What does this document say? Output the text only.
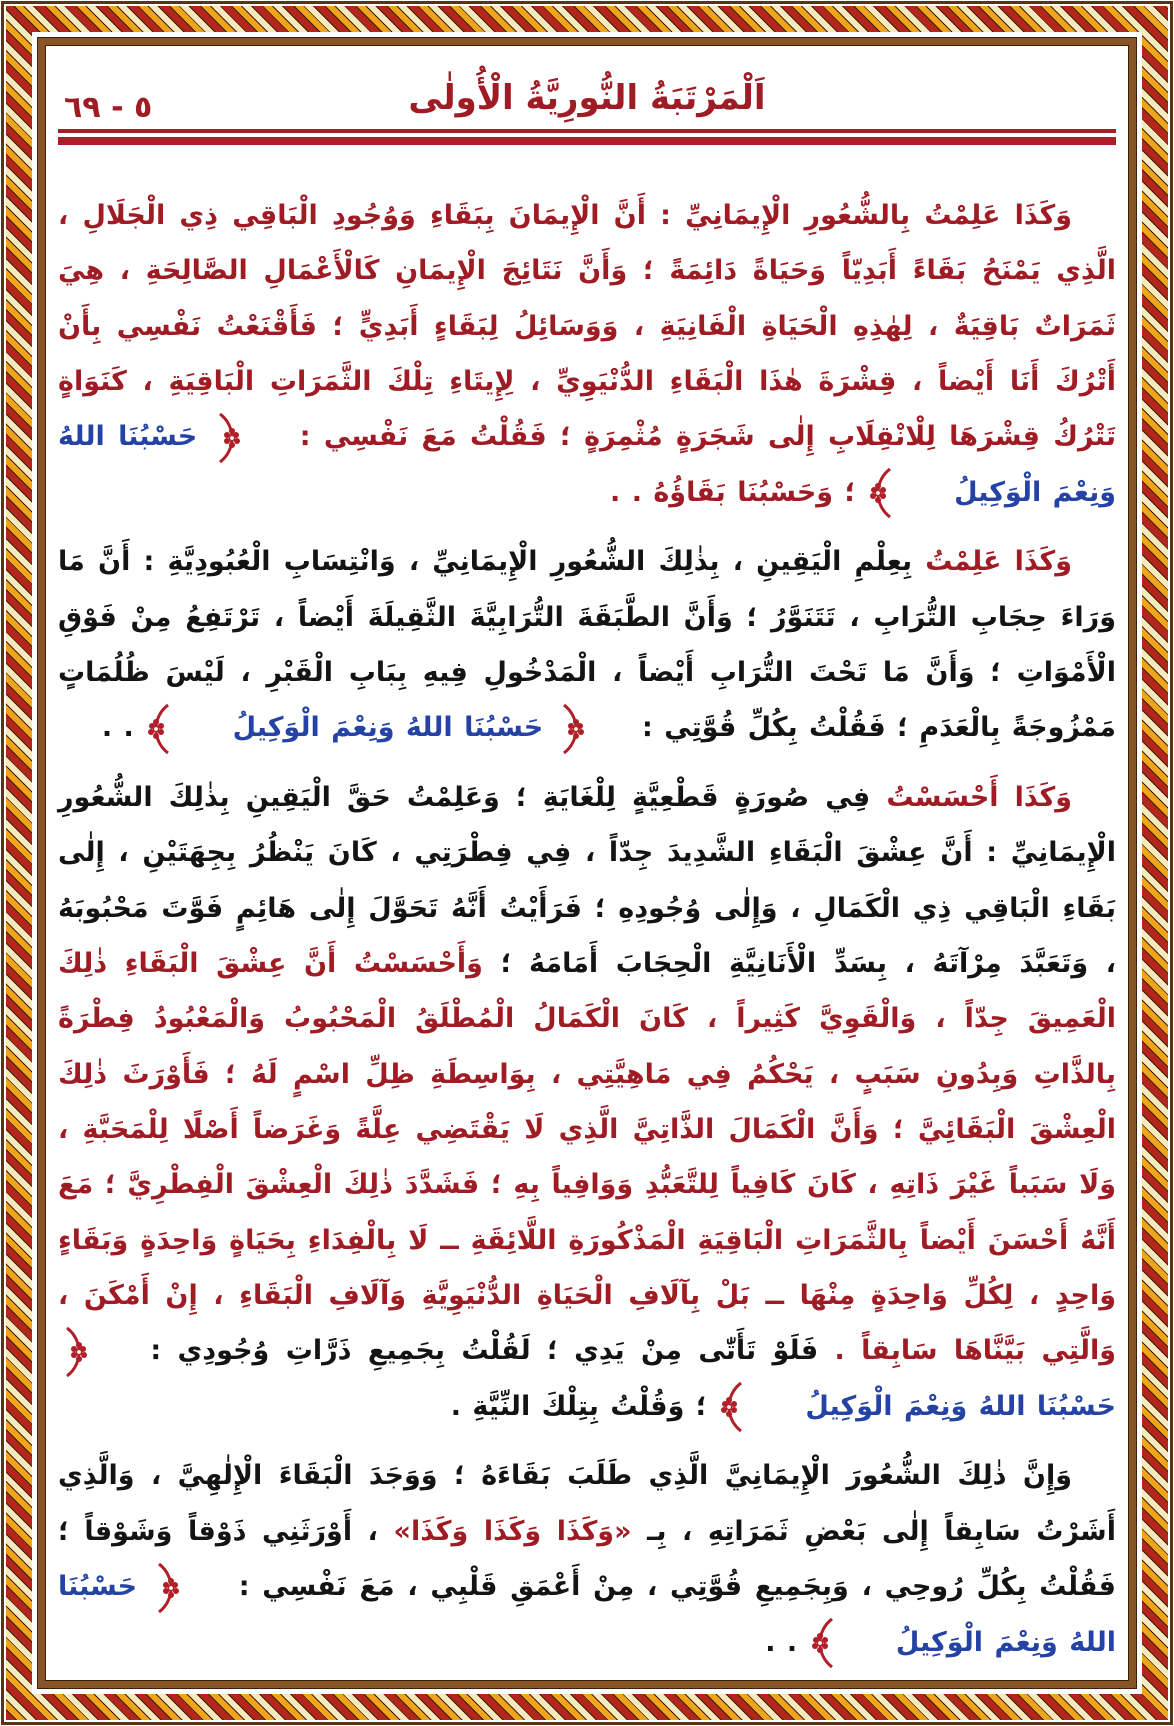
٥ - ٦٩	اَلْمَرْتَبَةُ النُّورِيَّةُ الْأُولٰى

وَكَذَا عَلِمْتُ بِالشُّعُورِ الْإِيمَانِيِّ : أَنَّ الْإِيمَانَ بِبَقَاءِ وَوُجُودِ الْبَاقِي ذِي الْجَلَالِ ، الَّذِي يَمْنَحُ بَقَاءً أَبَدِيّاً وَحَيَاةً دَائِمَةً ؛ وَأَنَّ نَتَائِجَ الْإِيمَانِ كَالْأَعْمَالِ الصَّالِحَةِ ، هِيَ ثَمَرَاتٌ بَاقِيَةٌ ، لِهٰذِهِ الْحَيَاةِ الْفَانِيَةِ ، وَوَسَائِلُ لِبَقَاءٍ أَبَدِيٍّ ؛ فَأَقْنَعْتُ نَفْسِي بِأَنْ أَتْرُكَ أَنَا أَيْضاً ، قِشْرَةَ هٰذَا الْبَقَاءِ الدُّنْيَوِيِّ ، لِإِيتَاءِ تِلْكَ الثَّمَرَاتِ الْبَاقِيَةِ ، كَنَوَاةٍ تَتْرُكُ قِشْرَهَا لِلْانْقِلَابِ إِلٰى شَجَرَةٍ مُثْمِرَةٍ ؛ فَقُلْتُ مَعَ نَفْسِي :  حَسْبُنَا اللهُ وَنِعْمَ الْوَكِيلُ  ؛ وَحَسْبُنَا بَقَاؤُهُ . .

وَكَذَا عَلِمْتُ بِعِلْمِ الْيَقِينِ ، بِذٰلِكَ الشُّعُورِ الْإِيمَانِيِّ ، وَانْتِسَابِ الْعُبُودِيَّةِ : أَنَّ مَا وَرَاءَ حِجَابِ التُّرَابِ ، تَتَنَوَّرُ ؛ وَأَنَّ الطَّبَقَةَ التُّرَابِيَّةَ الثَّقِيلَةَ أَيْضاً ، تَرْتَفِعُ مِنْ فَوْقِ الْأَمْوَاتِ ؛ وَأَنَّ مَا تَحْتَ التُّرَابِ أَيْضاً ، الْمَدْخُولِ فِيهِ بِبَابِ الْقَبْرِ ، لَيْسَ ظُلُمَاتٍ مَمْزُوجَةً بِالْعَدَمِ ؛ فَقُلْتُ بِكُلِّ قُوَّتِي :  حَسْبُنَا اللهُ وَنِعْمَ الْوَكِيلُ  . .

وَكَذَا أَحْسَسْتُ فِي صُورَةٍ قَطْعِيَّةٍ لِلْغَايَةِ ؛ وَعَلِمْتُ حَقَّ الْيَقِينِ بِذٰلِكَ الشُّعُورِ الْإِيمَانِيِّ : أَنَّ عِشْقَ الْبَقَاءِ الشَّدِيدَ جِدّاً ، فِي فِطْرَتِي ، كَانَ يَنْظُرُ بِجِهَتَيْنِ ، إِلٰى بَقَاءِ الْبَاقِي ذِي الْكَمَالِ ، وَإِلٰى وُجُودِهِ ؛ فَرَأَيْتُ أَنَّهُ تَحَوَّلَ إِلٰى هَائِمٍ فَوَّتَ مَحْبُوبَهُ ، وَتَعَبَّدَ مِرْآتَهُ ، بِسَدِّ الْأَنَانِيَّةِ الْحِجَابَ أَمَامَهُ ؛ وَأَحْسَسْتُ أَنَّ عِشْقَ الْبَقَاءِ ذٰلِكَ الْعَمِيقَ جِدّاً ، وَالْقَوِيَّ كَثِيراً ، كَانَ الْكَمَالُ الْمُطْلَقُ الْمَحْبُوبُ وَالْمَعْبُودُ فِطْرَةً بِالذَّاتِ وَبِدُونِ سَبَبٍ ، يَحْكُمُ فِي مَاهِيَّتِي ، بِوَاسِطَةِ ظِلِّ اسْمٍ لَهُ ؛ فَأَوْرَثَ ذٰلِكَ الْعِشْقَ الْبَقَائِيَّ ؛ وَأَنَّ الْكَمَالَ الذَّاتِيَّ الَّذِي لَا يَقْتَضِي عِلَّةً وَغَرَضاً أَصْلًا لِلْمَحَبَّةِ ، وَلَا سَبَباً غَيْرَ ذَاتِهِ ، كَانَ كَافِياً لِلتَّعَبُّدِ وَوَافِياً بِهِ ؛ فَشَدَّدَ ذٰلِكَ الْعِشْقَ الْفِطْرِيَّ ؛ مَعَ أَنَّهُ أَحْسَنَ أَيْضاً بِالثَّمَرَاتِ الْبَاقِيَةِ الْمَذْكُورَةِ اللَّائِقَةِ ــ لَا بِالْفِدَاءِ بِحَيَاةٍ وَاحِدَةٍ وَبَقَاءٍ وَاحِدٍ ، لِكُلِّ وَاحِدَةٍ مِنْهَا ــ بَلْ بِآلَافِ الْحَيَاةِ الدُّنْيَوِيَّةِ وَآلَافِ الْبَقَاءِ ، إِنْ أَمْكَنَ ، وَالَّتِي بَيَّنَّاهَا سَابِقاً . فَلَوْ تَأَتّٰى مِنْ يَدِي ؛ لَقُلْتُ بِجَمِيعِ ذَرَّاتِ وُجُودِي :  حَسْبُنَا اللهُ وَنِعْمَ الْوَكِيلُ  ؛ وَقُلْتُ بِتِلْكَ النِّيَّةِ .

وَإِنَّ ذٰلِكَ الشُّعُورَ الْإِيمَانِيَّ الَّذِي طَلَبَ بَقَاءَهُ ؛ وَوَجَدَ الْبَقَاءَ الْإِلٰهِيَّ ، وَالَّذِي أَشَرْتُ سَابِقاً إِلٰى بَعْضِ ثَمَرَاتِهِ ، بِـ «وَكَذَا وَكَذَا وَكَذَا» ، أَوْرَثَنِي ذَوْقاً وَشَوْقاً ؛ فَقُلْتُ بِكُلِّ رُوحِي ، وَبِجَمِيعِ قُوَّتِي ، مِنْ أَعْمَقِ قَلْبِي ، مَعَ نَفْسِي :  حَسْبُنَا اللهُ وَنِعْمَ الْوَكِيلُ  . .
